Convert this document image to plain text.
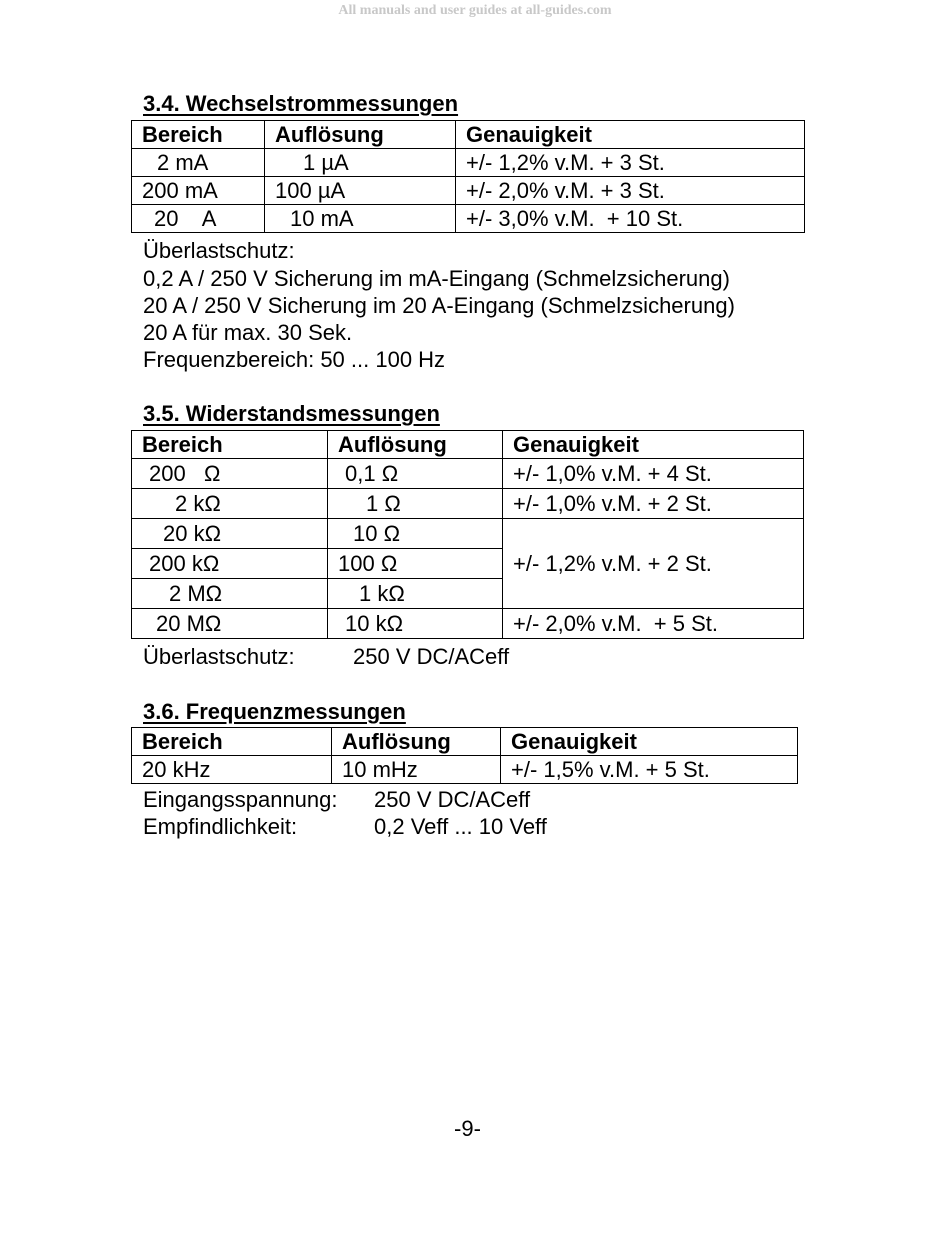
All manuals and user guides at all-guides.com
3.4. Wechselstrommessungen
Bereich	Auflösung	Genauigkeit
2 mA	1 µA	+/- 1,2% v.M. + 3 St.
200 mA	100 µA	+/- 2,0% v.M. + 3 St.
20    A	10 mA	+/- 3,0% v.M.  + 10 St.

Überlastschutz:

0,2 A / 250 V Sicherung im mA-Eingang (Schmelzsicherung)

20 A / 250 V Sicherung im 20 A-Eingang (Schmelzsicherung)

20 A für max. 30 Sek.

Frequenzbereich: 50 ... 100 Hz

3.5. Widerstandsmessungen
Bereich	Auflösung	Genauigkeit
200   Ω	0,1 Ω	+/- 1,0% v.M. + 4 St.
2 kΩ	1 Ω	+/- 1,0% v.M. + 2 St.
20 kΩ	10 Ω	+/- 1,2% v.M. + 2 St.
200 kΩ	100 Ω	
2 MΩ	1 kΩ	
20 MΩ	10 kΩ	+/- 2,0% v.M.  + 5 St.

Überlastschutz:	250 V DC/ACeff

3.6. Frequenzmessungen
Bereich	Auflösung	Genauigkeit
20 kHz	10 mHz	+/- 1,5% v.M. + 5 St.

Eingangsspannung: 250 V DC/ACeff

Empfindlichkeit:	0,2 Veff ... 10 Veff

-9-
